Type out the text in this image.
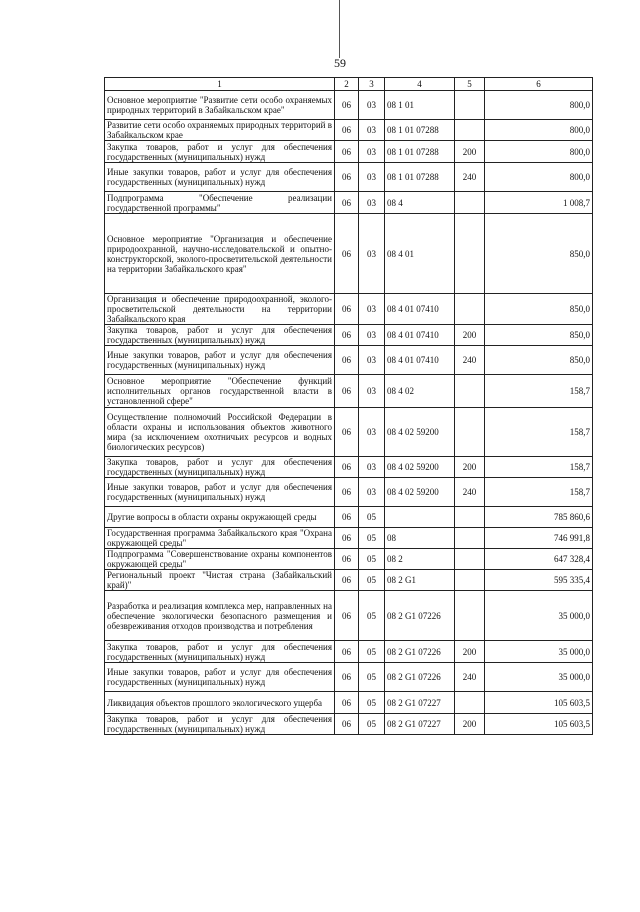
59
1	2	3	4	5	6
Основное мероприятие "Развитие сети особо охраняемых природных территорий в Забайкальском крае"	06	03	08 1 01		800,0
Развитие сети особо охраняемых природных территорий в Забайкальском крае	06	03	08 1 01 07288		800,0
Закупка товаров, работ и услуг для обеспечения государственных (муниципальных) нужд	06	03	08 1 01 07288	200	800,0
Иные закупки товаров, работ и услуг для обеспечения государственных (муниципальных) нужд	06	03	08 1 01 07288	240	800,0
Подпрограмма "Обеспечение реализации государственной программы"	06	03	08 4		1 008,7
Основное мероприятие "Организация и обеспечение природоохранной, научно-исследовательской и опытно-конструкторской, эколого-просветительской деятельности на территории Забайкальского края"	06	03	08 4 01		850,0
Организация и обеспечение природоохранной, эколого-просветительской деятельности на территории Забайкальского края	06	03	08 4 01 07410		850,0
Закупка товаров, работ и услуг для обеспечения государственных (муниципальных) нужд	06	03	08 4 01 07410	200	850,0
Иные закупки товаров, работ и услуг для обеспечения государственных (муниципальных) нужд	06	03	08 4 01 07410	240	850,0
Основное мероприятие "Обеспечение функций исполнительных органов государственной власти в установленной сфере"	06	03	08 4 02		158,7
Осуществление полномочий Российской Федерации в области охраны и использования объектов животного мира (за исключением охотничьих ресурсов и водных биологических ресурсов)	06	03	08 4 02 59200		158,7
Закупка товаров, работ и услуг для обеспечения государственных (муниципальных) нужд	06	03	08 4 02 59200	200	158,7
Иные закупки товаров, работ и услуг для обеспечения государственных (муниципальных) нужд	06	03	08 4 02 59200	240	158,7
Другие вопросы в области охраны окружающей среды	06	05			785 860,6
Государственная программа Забайкальского края "Охрана окружающей среды"	06	05	08		746 991,8
Подпрограмма "Совершенствование охраны компонентов окружающей среды"	06	05	08 2		647 328,4
Региональный проект "Чистая страна (Забайкальский край)"	06	05	08 2 G1		595 335,4
Разработка и реализация комплекса мер, направленных на обеспечение экологически безопасного размещения и обезвреживания отходов производства и потребления	06	05	08 2 G1 07226		35 000,0
Закупка товаров, работ и услуг для обеспечения государственных (муниципальных) нужд	06	05	08 2 G1 07226	200	35 000,0
Иные закупки товаров, работ и услуг для обеспечения государственных (муниципальных) нужд	06	05	08 2 G1 07226	240	35 000,0
Ликвидация объектов прошлого экологического ущерба	06	05	08 2 G1 07227		105 603,5
Закупка товаров, работ и услуг для обеспечения государственных (муниципальных) нужд	06	05	08 2 G1 07227	200	105 603,5
